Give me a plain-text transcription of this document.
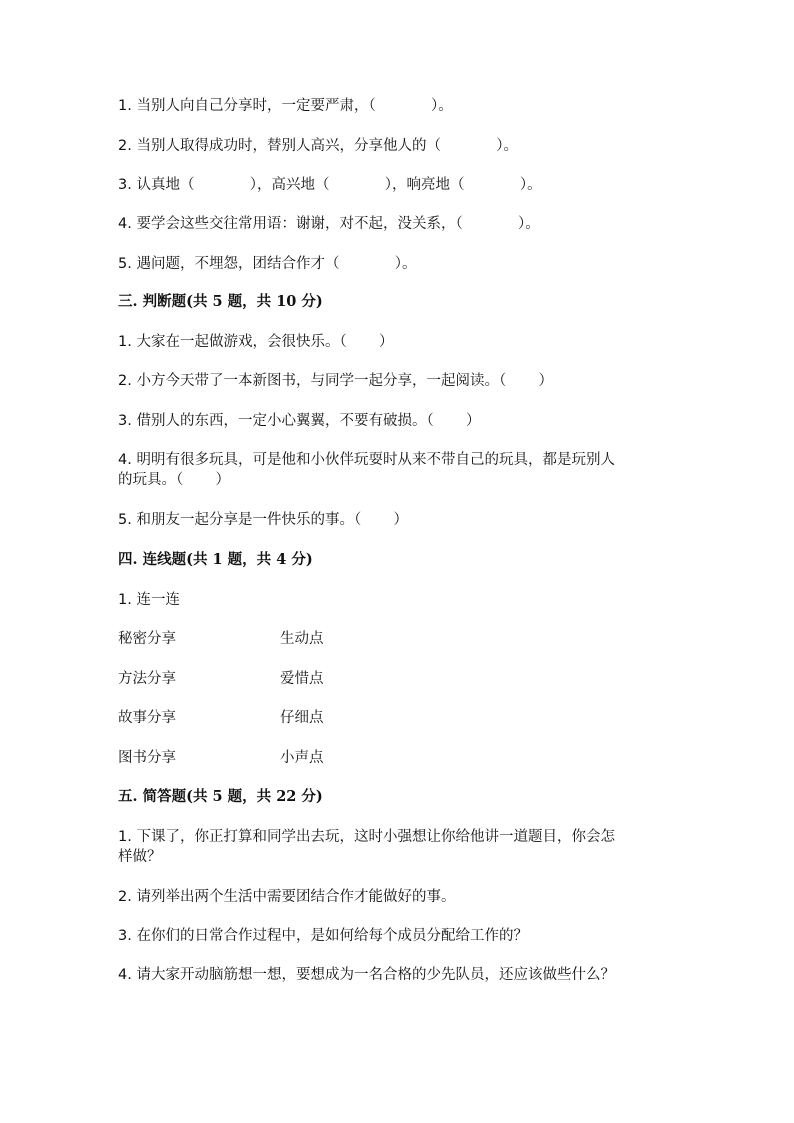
1. 当别人向自己分享时，一定要严肃，（            ）。
2. 当别人取得成功时，替别人高兴，分享他人的（            ）。
3. 认真地（            ），高兴地（            ），响亮地（            ）。
4. 要学会这些交往常用语：谢谢，对不起，没关系，（            ）。
5. 遇问题，不埋怨，团结合作才（            ）。
三. 判断题(共 5 题，共 10 分)
1. 大家在一起做游戏，会很快乐。（       ）
2. 小方今天带了一本新图书，与同学一起分享，一起阅读。（       ）
3. 借别人的东西，一定小心翼翼，不要有破损。（       ）
4. 明明有很多玩具，可是他和小伙伴玩耍时从来不带自己的玩具，都是玩别人
的玩具。（       ）
5. 和朋友一起分享是一件快乐的事。（       ）
四. 连线题(共 1 题，共 4 分)
1. 连一连
秘密分享	生动点
方法分享	爱惜点
故事分享	仔细点
图书分享	小声点
五. 简答题(共 5 题，共 22 分)
1. 下课了，你正打算和同学出去玩，这时小强想让你给他讲一道题目，你会怎
样做？
2. 请列举出两个生活中需要团结合作才能做好的事。
3. 在你们的日常合作过程中，是如何给每个成员分配给工作的？
4. 请大家开动脑筋想一想，要想成为一名合格的少先队员，还应该做些什么？
